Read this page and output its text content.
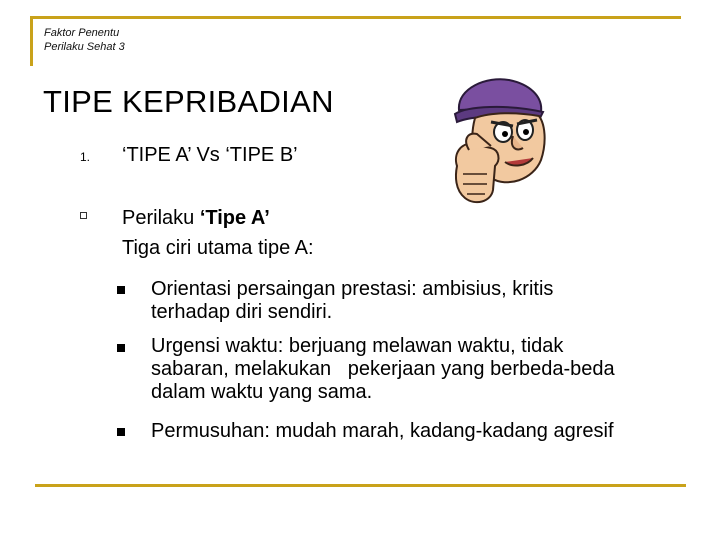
Faktor Penentu
Perilaku Sehat 3
TIPE KEPRIBADIAN
1. ‘TIPE A’ Vs ‘TIPE B’
Perilaku ‘Tipe A’
Tiga ciri utama tipe A:
Orientasi persaingan prestasi: ambisius, kritis
terhadap diri sendiri.
Urgensi waktu: berjuang melawan waktu, tidak
sabaran, melakukan   pekerjaan yang berbeda-beda
dalam waktu yang sama.
Permusuhan: mudah marah, kadang-kadang agresif
